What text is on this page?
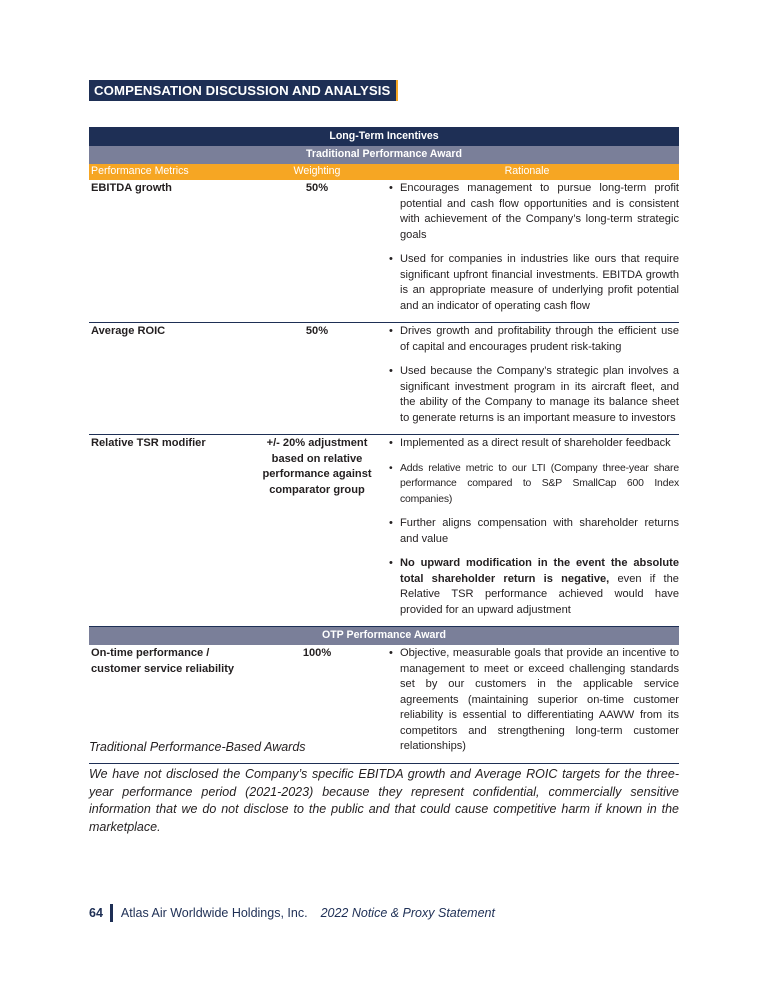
COMPENSATION DISCUSSION AND ANALYSIS
Long-Term Incentives		
Traditional Performance Award		
Performance Metrics	Weighting	Rationale
EBITDA growth	50%	• Encourages management to pursue long-term profit potential and cash flow opportunities and is consistent with achievement of the Company’s long-term strategic goals
• Used for companies in industries like ours that require significant upfront financial investments. EBITDA growth is an appropriate measure of underlying profit potential and an indicator of operating cash flow

Average ROIC	50%	• Drives growth and profitability through the efficient use of capital and encourages prudent risk-taking
• Used because the Company’s strategic plan involves a significant investment program in its aircraft fleet, and the ability of the Company to manage its balance sheet to generate returns is an important measure to investors

Relative TSR modifier	+/- 20% adjustment based on relative performance against comparator group	• Implemented as a direct result of shareholder feedback
• Adds relative metric to our LTI (Company three-year share performance compared to S&P SmallCap 600 Index companies)
• Further aligns compensation with shareholder returns and value
• No upward modification in the event the absolute total shareholder return is negative, even if the Relative TSR performance achieved would have provided for an upward adjustment

OTP Performance Award		
On-time performance / customer service reliability	100%	• Objective, measurable goals that provide an incentive to management to meet or exceed challenging standards set by our customers in the applicable service agreements (maintaining superior on-time customer reliability is essential to differentiating AAWW from its competitors and strengthening long-term customer relationships)
Traditional Performance-Based Awards
We have not disclosed the Company’s specific EBITDA growth and Average ROIC targets for the three-year performance period (2021-2023) because they represent confidential, commercially sensitive information that we do not disclose to the public and that could cause competitive harm if known in the marketplace.
64 Atlas Air Worldwide Holdings, Inc. 2022 Notice & Proxy Statement
